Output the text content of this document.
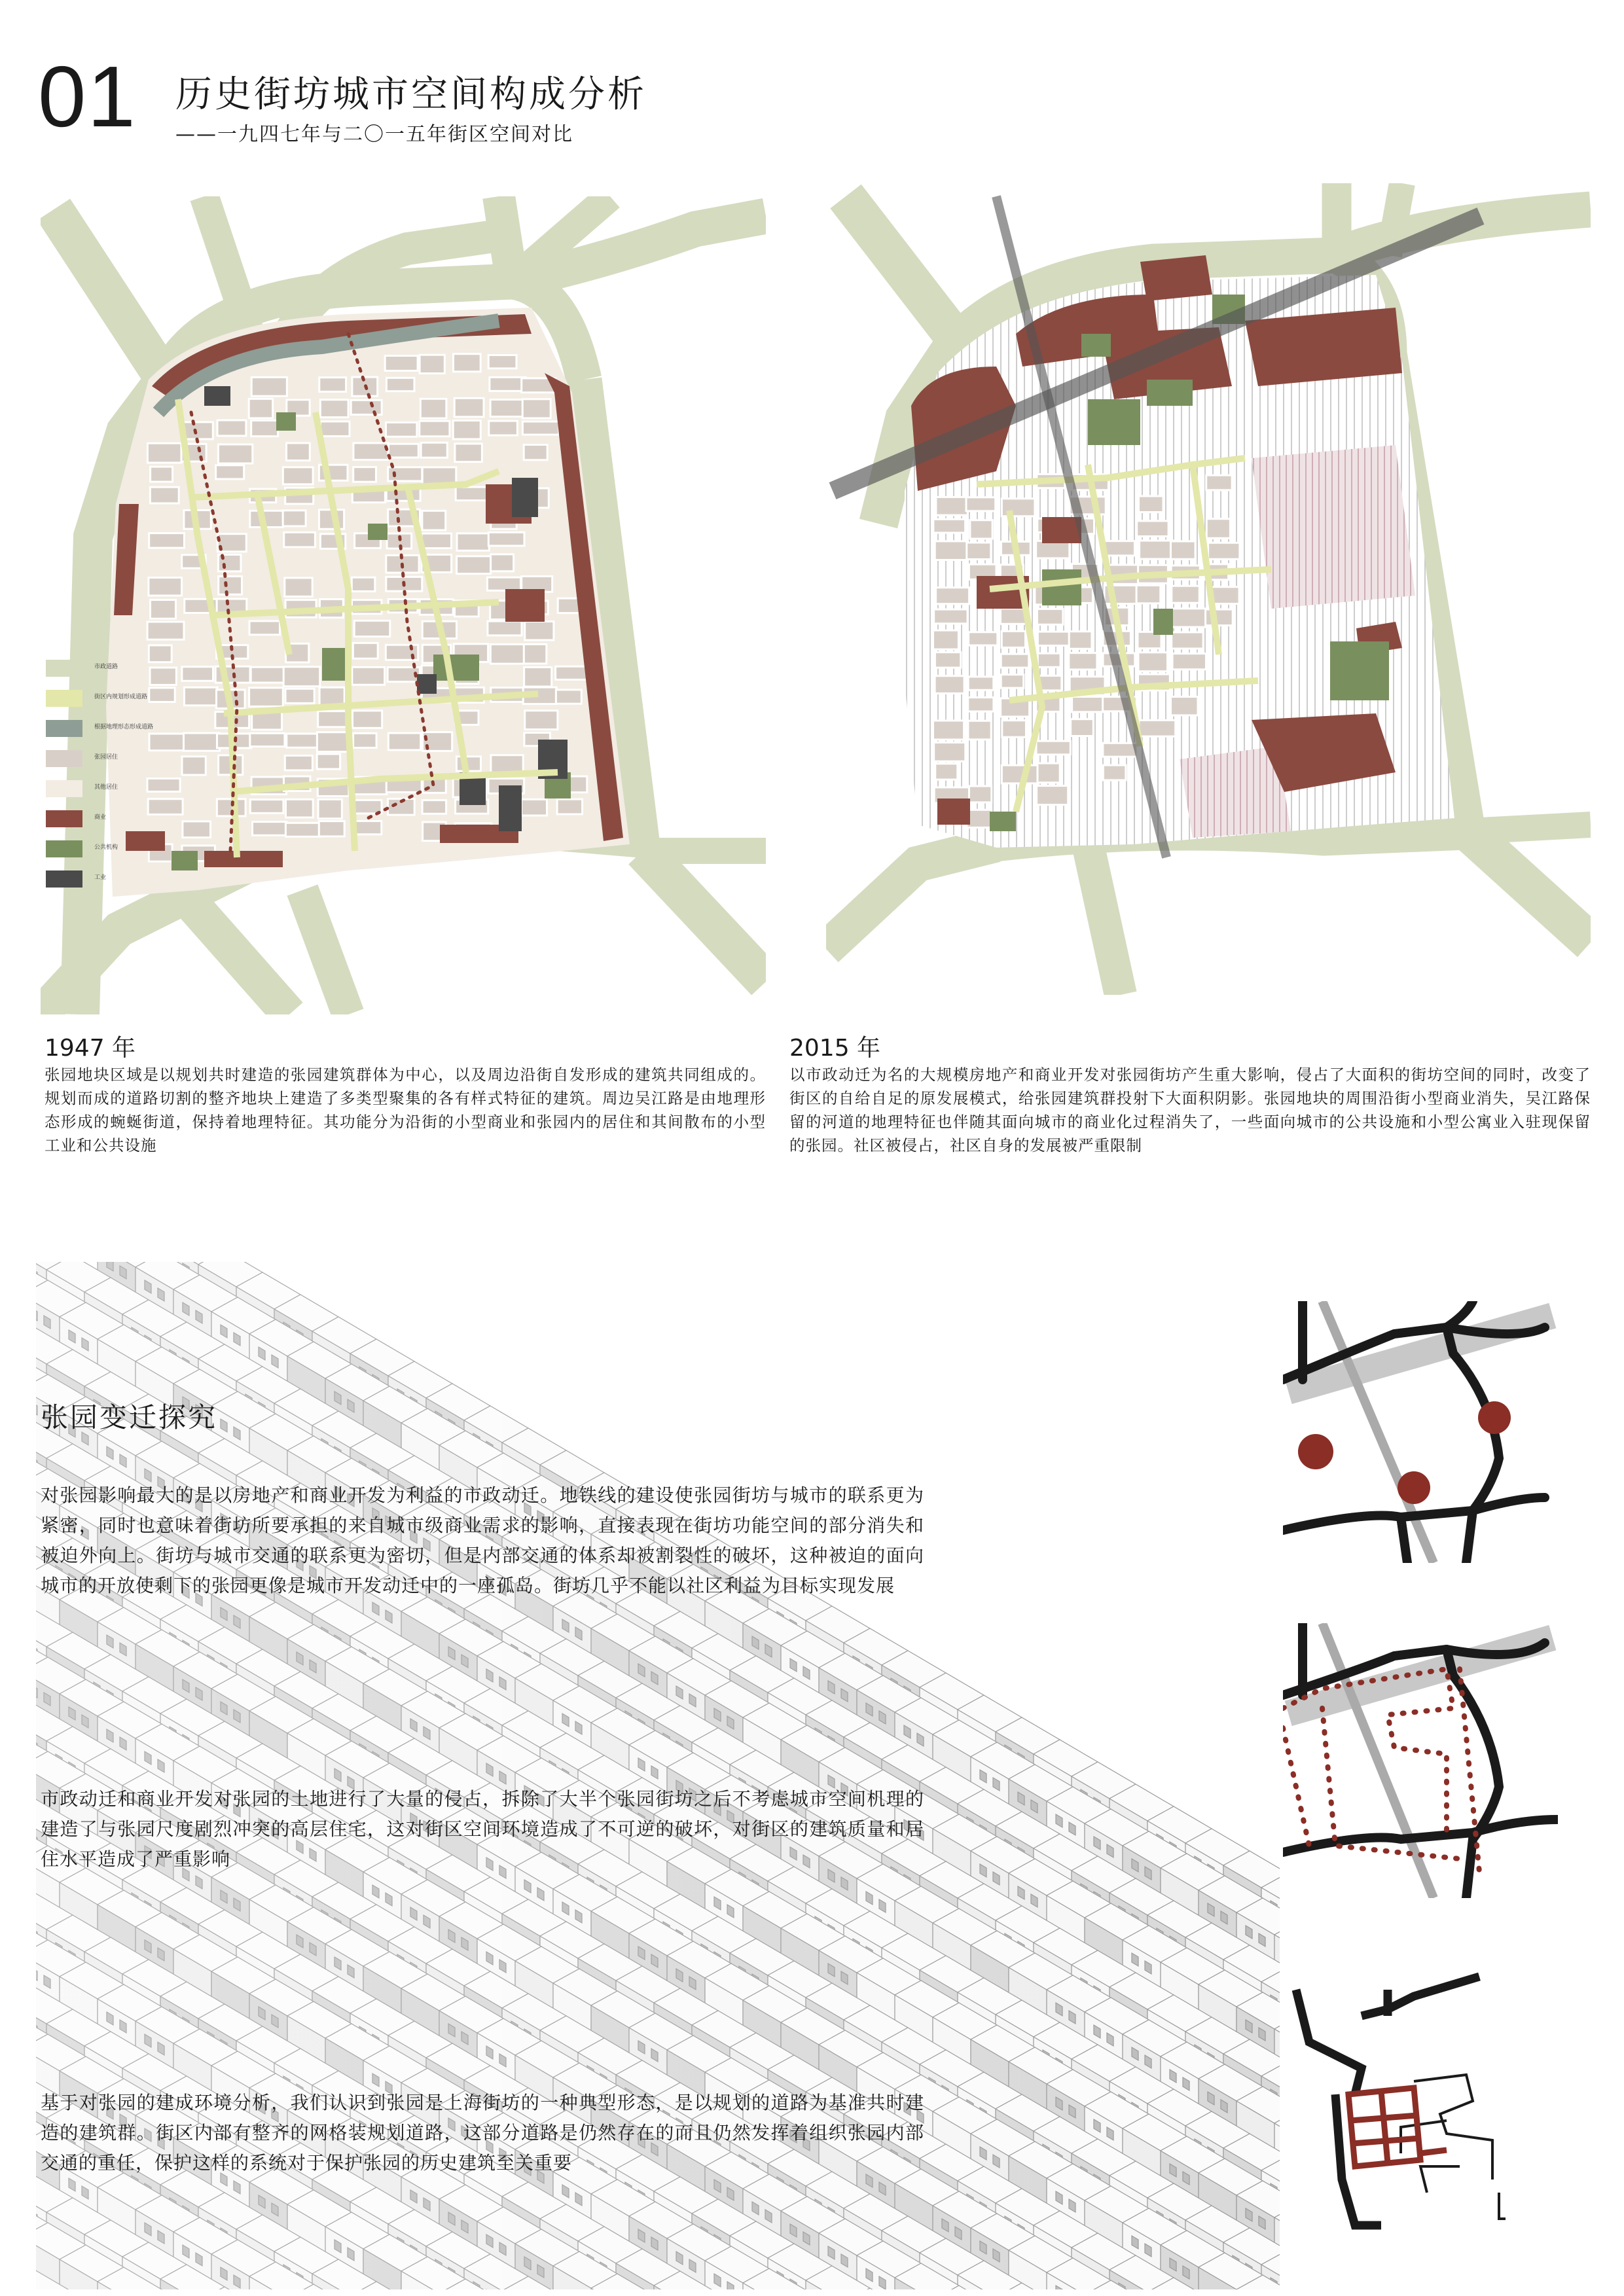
01 历史街坊城市空间构成分析
——一九四七年与二〇一五年街区空间对比
市政道路
街区内规划形成道路
根据地理形态形成道路
张园居住
其他居住
商业
公共机构
工业
1947 年
张园地块区域是以规划共时建造的张园建筑群体为中心，以及周边沿街自发形成的建筑共同组成的。规划而成的道路切割的整齐地块上建造了多类型聚集的各有样式特征的建筑。周边吴江路是由地理形态形成的蜿蜒街道，保持着地理特征。其功能分为沿街的小型商业和张园内的居住和其间散布的小型工业和公共设施
2015 年
以市政动迁为名的大规模房地产和商业开发对张园街坊产生重大影响，侵占了大面积的街坊空间的同时，改变了街区的自给自足的原发展模式，给张园建筑群投射下大面积阴影。张园地块的周围沿街小型商业消失，吴江路保留的河道的地理特征也伴随其面向城市的商业化过程消失了，一些面向城市的公共设施和小型公寓业入驻现保留的张园。社区被侵占，社区自身的发展被严重限制
张园变迁探究
对张园影响最大的是以房地产和商业开发为利益的市政动迁。地铁线的建设使张园街坊与城市的联系更为紧密，同时也意味着街坊所要承担的来自城市级商业需求的影响，直接表现在街坊功能空间的部分消失和被迫外向上。街坊与城市交通的联系更为密切，但是内部交通的体系却被割裂性的破坏，这种被迫的面向城市的开放使剩下的张园更像是城市开发动迁中的一座孤岛。街坊几乎不能以社区利益为目标实现发展
市政动迁和商业开发对张园的土地进行了大量的侵占，拆除了大半个张园街坊之后不考虑城市空间机理的建造了与张园尺度剧烈冲突的高层住宅，这对街区空间环境造成了不可逆的破坏，对街区的建筑质量和居住水平造成了严重影响
基于对张园的建成环境分析，我们认识到张园是上海街坊的一种典型形态，是以规划的道路为基准共时建造的建筑群。街区内部有整齐的网格装规划道路，这部分道路是仍然存在的而且仍然发挥着组织张园内部交通的重任，保护这样的系统对于保护张园的历史建筑至关重要
